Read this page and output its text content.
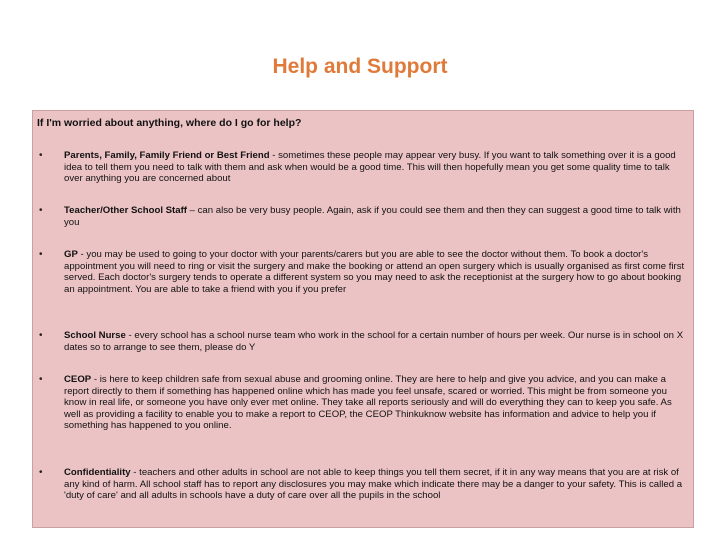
Help and Support
If I'm worried about anything, where do I go for help?
• Parents, Family, Family Friend or Best Friend - sometimes these people may appear very busy. If you want to talk something over it is a good idea to tell them you need to talk with them and ask when would be a good time. This will then hopefully mean you get some quality time to talk over anything you are concerned about
• Teacher/Other School Staff – can also be very busy people. Again, ask if you could see them and then they can suggest a good time to talk with you
• GP - you may be used to going to your doctor with your parents/carers but you are able to see the doctor without them. To book a doctor's appointment you will need to ring or visit the surgery and make the booking or attend an open surgery which is usually organised as first come first served. Each doctor's surgery tends to operate a different system so you may need to ask the receptionist at the surgery how to go about booking an appointment. You are able to take a friend with you if you prefer
• School Nurse - every school has a school nurse team who work in the school for a certain number of hours per week. Our nurse is in school on X dates so to arrange to see them, please do Y
• CEOP - is here to keep children safe from sexual abuse and grooming online. They are here to help and give you advice, and you can make a report directly to them if something has happened online which has made you feel unsafe, scared or worried. This might be from someone you know in real life, or someone you have only ever met online. They take all reports seriously and will do everything they can to keep you safe. As well as providing a facility to enable you to make a report to CEOP, the CEOP Thinkuknow website has information and advice to help you if something has happened to you online.
• Confidentiality - teachers and other adults in school are not able to keep things you tell them secret, if it in any way means that you are at risk of any kind of harm. All school staff has to report any disclosures you may make which indicate there may be a danger to your safety. This is called a 'duty of care' and all adults in schools have a duty of care over all the pupils in the school
